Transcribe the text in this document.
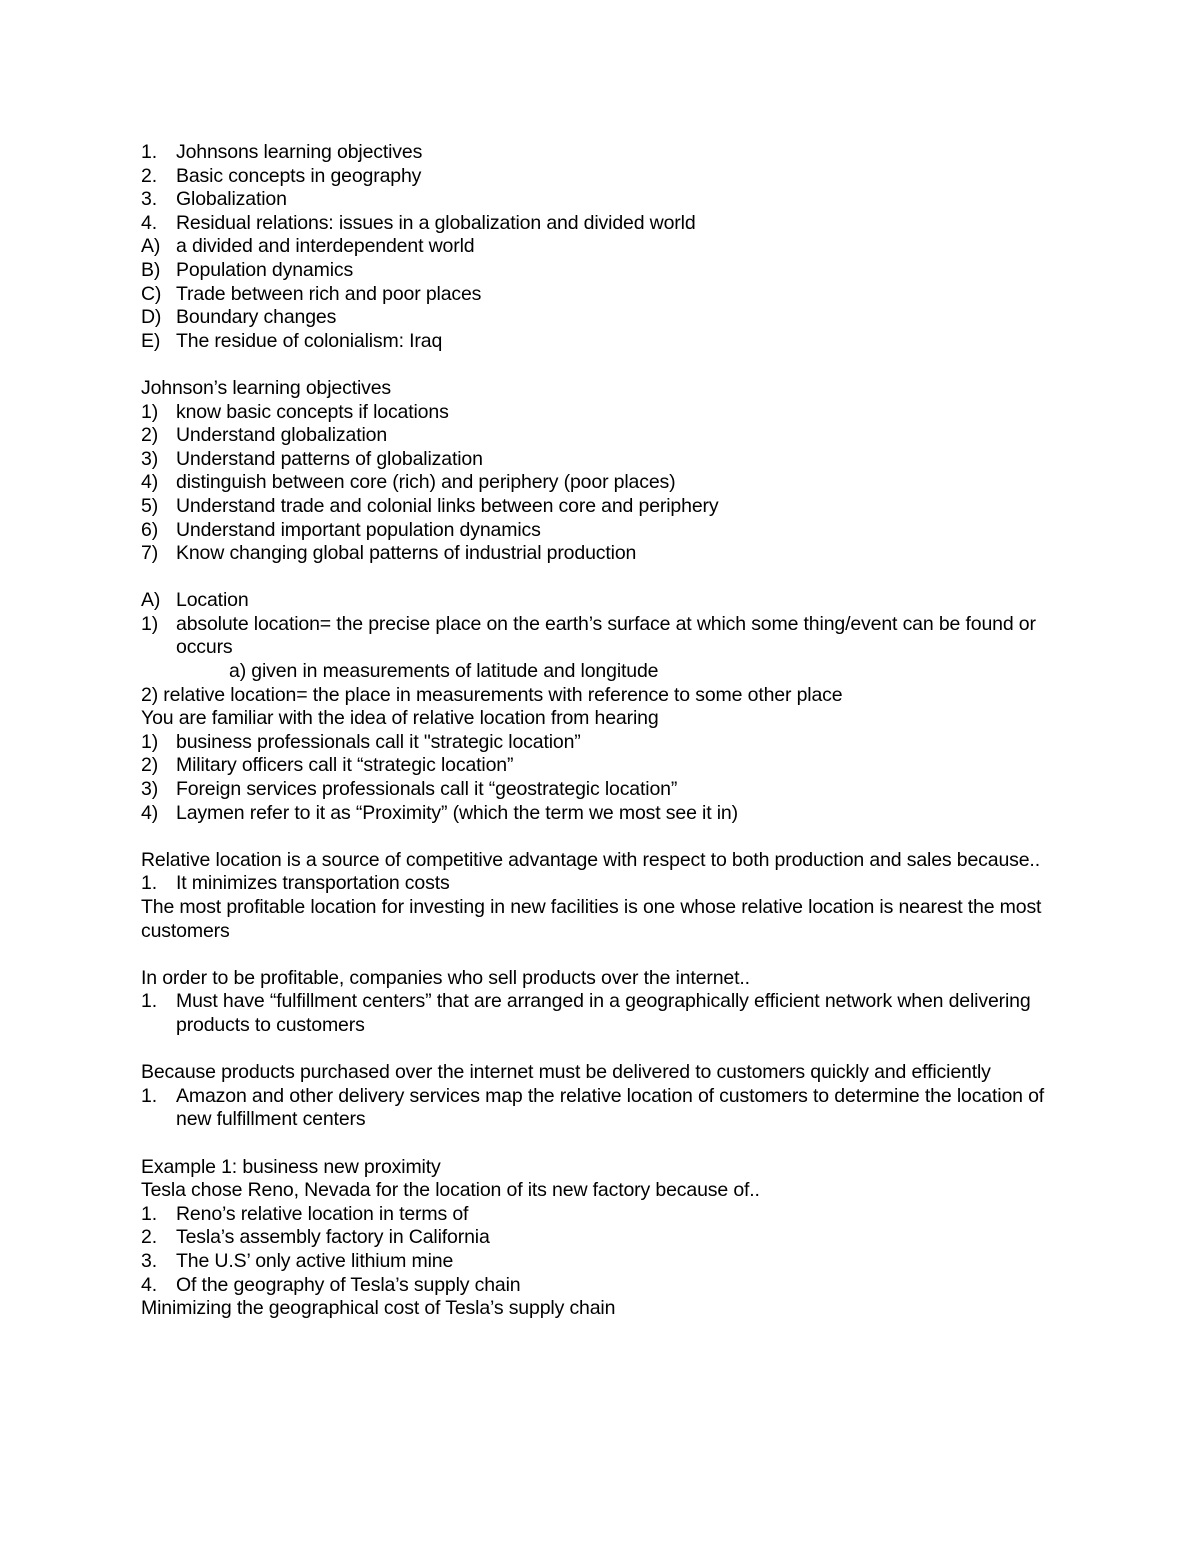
1. Johnsons learning objectives
2. Basic concepts in geography
3. Globalization
4. Residual relations: issues in a globalization and divided world
A) a divided and interdependent world
B) Population dynamics
C) Trade between rich and poor places
D) Boundary changes
E) The residue of colonialism: Iraq
Johnson’s learning objectives
1) know basic concepts if locations
2) Understand globalization
3) Understand patterns of globalization
4) distinguish between core (rich) and periphery (poor places)
5) Understand trade and colonial links between core and periphery
6) Understand important population dynamics
7) Know changing global patterns of industrial production
A) Location
1) absolute location= the precise place on the earth’s surface at which some thing/event can be found or occurs
a) given in measurements of latitude and longitude
2) relative location= the place in measurements with reference to some other place
You are familiar with the idea of relative location from hearing
1) business professionals call it "strategic location”
2) Military officers call it “strategic location”
3) Foreign services professionals call it “geostrategic location”
4) Laymen refer to it as “Proximity” (which the term we most see it in)
Relative location is a source of competitive advantage with respect to both production and sales because..
1. It minimizes transportation costs
The most profitable location for investing in new facilities is one whose relative location is nearest the most customers
In order to be profitable, companies who sell products over the internet..
1. Must have “fulfillment centers” that are arranged in a geographically efficient network when delivering products to customers
Because products purchased over the internet must be delivered to customers quickly and efficiently
1. Amazon and other delivery services map the relative location of customers to determine the location of new fulfillment centers
Example 1: business new proximity
Tesla chose Reno, Nevada for the location of its new factory because of..
1. Reno’s relative location in terms of
2. Tesla’s assembly factory in California
3. The U.S’ only active lithium mine
4. Of the geography of Tesla’s supply chain
Minimizing the geographical cost of Tesla’s supply chain
